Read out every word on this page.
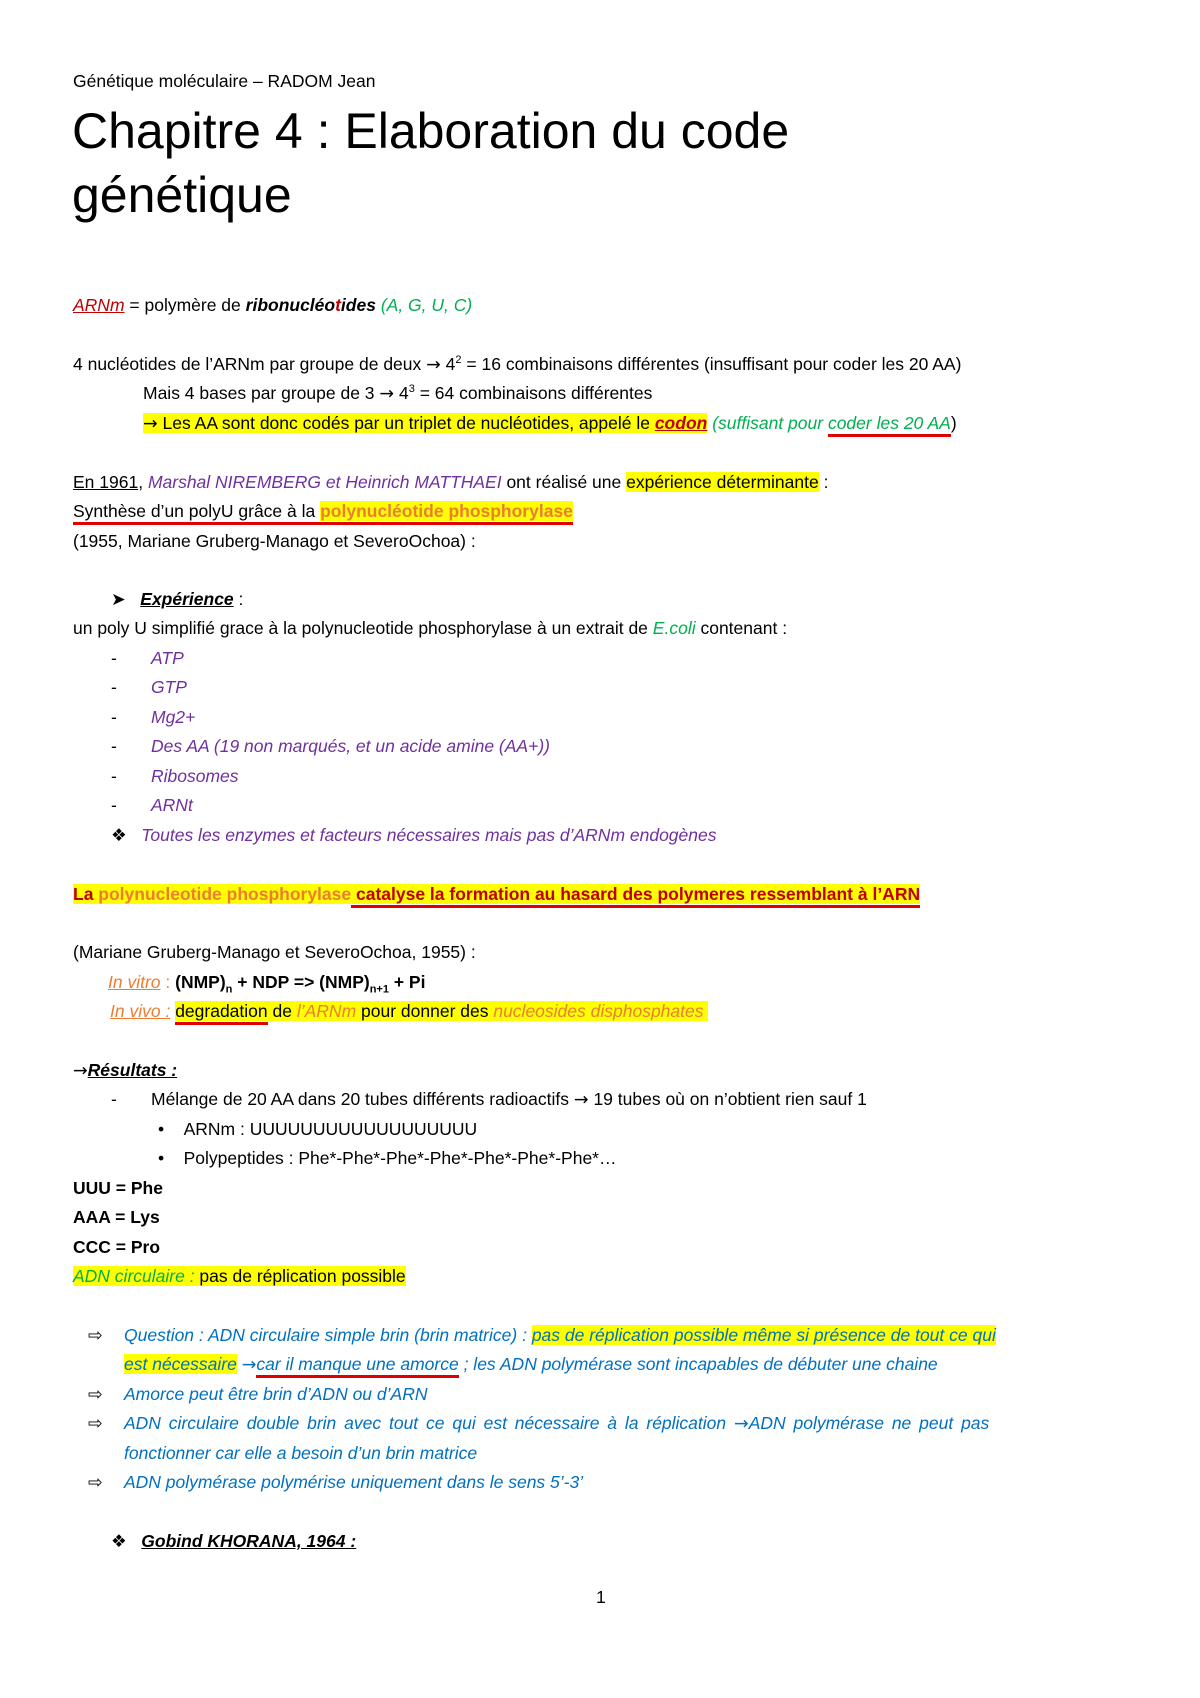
Génétique moléculaire – RADOM Jean
Chapitre 4 : Elaboration du code
génétique
ARNm = polymère de ribonucléotides (A, G, U, C)
4 nucléotides de l’ARNm par groupe de deux → $4^2 = 16$ combinaisons différentes (insuffisant pour coder les 20 AA)
Mais 4 bases par groupe de $3 \to 4^3 = 64$ combinaisons différentes
→ Les AA sont donc codés par un triplet de nucléotides, appelé le codon (suffisant pour coder les 20 AA)
En 1961, Marshal NIREMBERG et Heinrich MATTHAEI ont réalisé une expérience déterminante :
Synthèse d’un polyU grâce à la polynucléotide phosphorylase
(1955, Mariane Gruberg-Manago et SeveroOchoa) :
➤ Expérience :
un poly U simplifié grace à la polynucleotide phosphorylase à un extrait de E.coli contenant :
- ATP
- GTP
- Mg2+
- Des AA (19 non marqués, et un acide amine (AA+))
- Ribosomes
- ARNt
❖ Toutes les enzymes et facteurs nécessaires mais pas d’ARNm endogènes
La polynucleotide phosphorylase catalyse la formation au hasard des polymeres ressemblant à l’ARN
(Mariane Gruberg-Manago et SeveroOchoa, 1955) :
In vitro : $(NMP)_n$ + NDP => $(NMP)_{n+1} + Pi$
In vivo : degradation de l’ARNm pour donner des nucleosides disphosphates
→Résultats :
- Mélange de 20 AA dans 20 tubes différents radioactifs → 19 tubes où on n’obtient rien sauf 1
• ARNm : UUUUUUUUUUUUUUUUUU
• Polypeptides : Phe*-Phe*-Phe*-Phe*-Phe*-Phe*-Phe*…
UUU = Phe
AAA = Lys
CCC = Pro
ADN circulaire : pas de réplication possible
⇨ Question : ADN circulaire simple brin (brin matrice) : pas de réplication possible même si présence de tout ce qui
est nécessaire →car il manque une amorce ; les ADN polymérase sont incapables de débuter une chaine
⇨ Amorce peut être brin d’ADN ou d’ARN
⇨ ADN circulaire double brin avec tout ce qui est nécessaire à la réplication →ADN polymérase ne peut pas
fonctionner car elle a besoin d’un brin matrice
⇨ ADN polymérase polymérise uniquement dans le sens 5’-3’
❖ Gobind KHORANA, 1964 :
1
